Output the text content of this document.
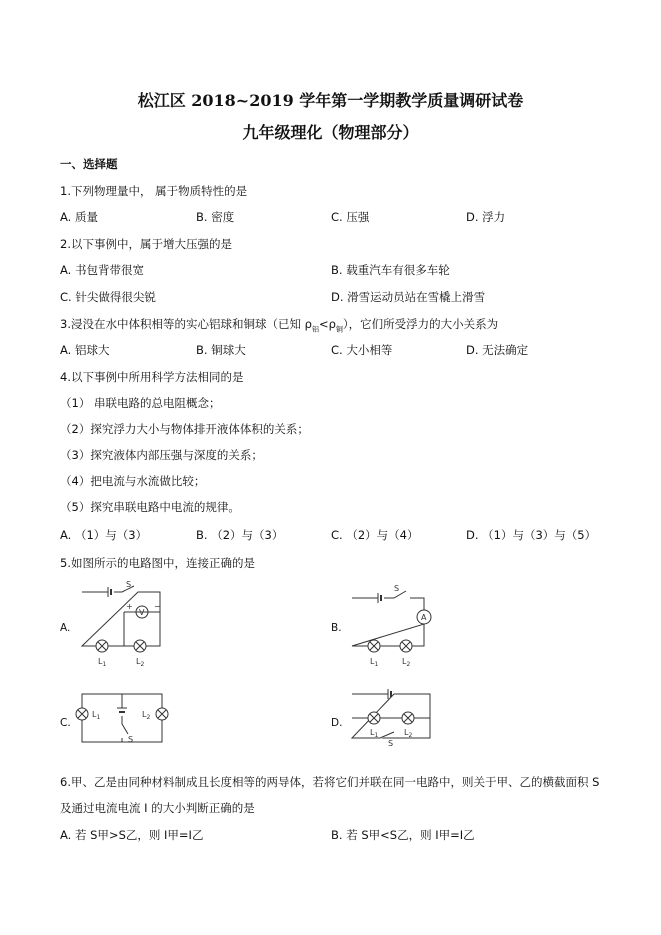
松江区 2018~2019 学年第一学期教学质量调研试卷
九年级理化（物理部分）
一、选择题
1.下列物理量中， 属于物质特性的是
A. 质量	B. 密度	C. 压强	D. 浮力
2.以下事例中，属于增大压强的是
A. 书包背带很宽	B. 载重汽车有很多车轮
C. 针尖做得很尖锐	D. 滑雪运动员站在雪橇上滑雪
3.浸没在水中体积相等的实心铝球和铜球（已知 $\rho_铝<\rho_铜$），它们所受浮力的大小关系为
A. 铝球大	B. 铜球大	C. 大小相等	D. 无法确定
4.以下事例中所用科学方法相同的是
（1） 串联电路的总电阻概念；
（2）探究浮力大小与物体排开液体体积的关系；
（3）探究液体内部压强与深度的关系；
（4）把电流与水流做比较；
（5）探究串联电路中电流的规律。
A. （1）与（3）	B. （2）与（3）	C. （2）与（4）	D. （1）与（3）与（5）
5.如图所示的电路图中，连接正确的是
A.	B.
C.	D.
S
V
+	−
$L_1$	$L_2$
S
A
$L_1$	$L_2$
S
$L_1$	$L_2$
$L_1$	$L_2$
S
6.甲、乙是由同种材料制成且长度相等的两导体，若将它们并联在同一电路中，则关于甲、乙的横截面积 S
及通过电流电流 I 的大小判断正确的是
A. 若 S甲>S乙，则 I甲=I乙	B. 若 S甲<S乙，则 I甲=I乙
